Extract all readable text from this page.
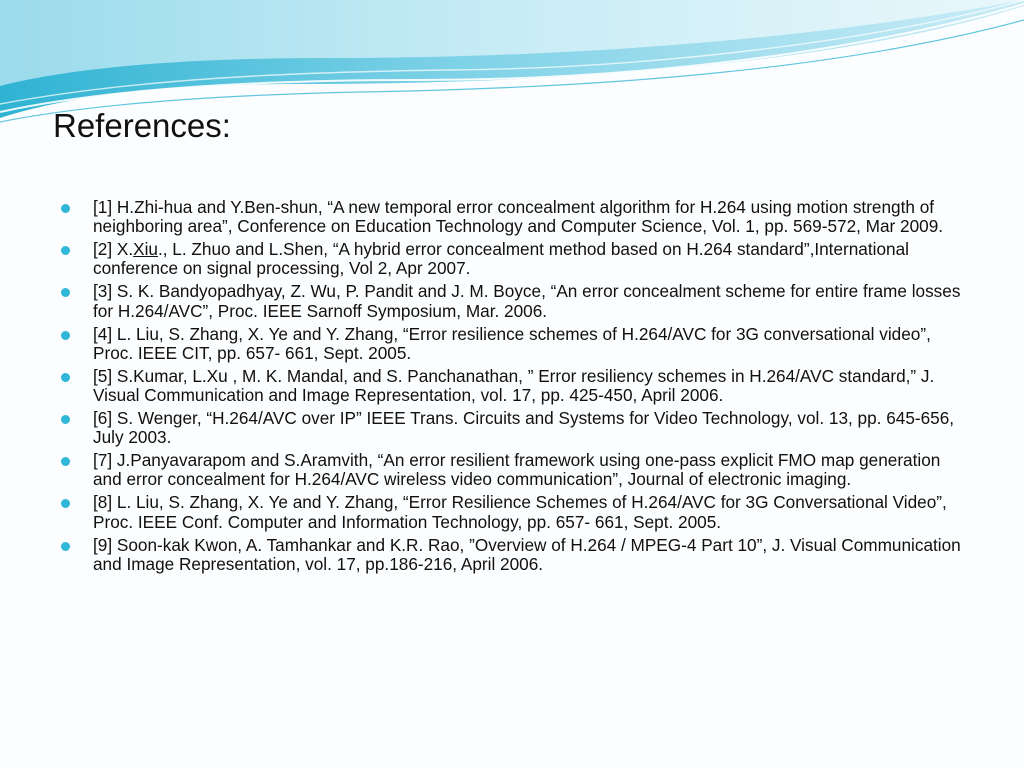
References:
[1] H.Zhi-hua and Y.Ben-shun, “A new temporal error concealment algorithm for H.264 using motion strength of neighboring area”, Conference on Education Technology and Computer Science, Vol. 1, pp. 569-572, Mar 2009.
[2] X.Xiu., L. Zhuo and L.Shen, “A hybrid error concealment method based on H.264 standard”,International conference on signal processing, Vol 2, Apr 2007.
[3] S. K. Bandyopadhyay, Z. Wu, P. Pandit and J. M. Boyce, “An error concealment scheme for entire frame losses for H.264/AVC”, Proc. IEEE Sarnoff Symposium, Mar. 2006.
[4] L. Liu, S. Zhang, X. Ye and Y. Zhang, “Error resilience schemes of H.264/AVC for 3G conversational video”, Proc. IEEE CIT, pp. 657- 661, Sept. 2005.
[5] S.Kumar, L.Xu , M. K. Mandal, and S. Panchanathan, ” Error resiliency schemes in H.264/AVC standard,” J. Visual Communication and Image Representation, vol. 17, pp. 425-450, April 2006.
[6] S. Wenger, “H.264/AVC over IP” IEEE Trans. Circuits and Systems for Video Technology, vol. 13, pp. 645-656, July 2003.
[7] J.Panyavarapom and S.Aramvith, “An error resilient framework using one-pass explicit FMO map generation and error concealment for H.264/AVC wireless video communication”, Journal of electronic imaging.
[8] L. Liu, S. Zhang, X. Ye and Y. Zhang, “Error Resilience Schemes of H.264/AVC for 3G Conversational Video”, Proc. IEEE Conf. Computer and Information Technology, pp. 657- 661, Sept. 2005.
[9] Soon-kak Kwon, A. Tamhankar and K.R. Rao, ”Overview of H.264 / MPEG-4 Part 10”, J. Visual Communication and Image Representation, vol. 17, pp.186-216, April 2006.
